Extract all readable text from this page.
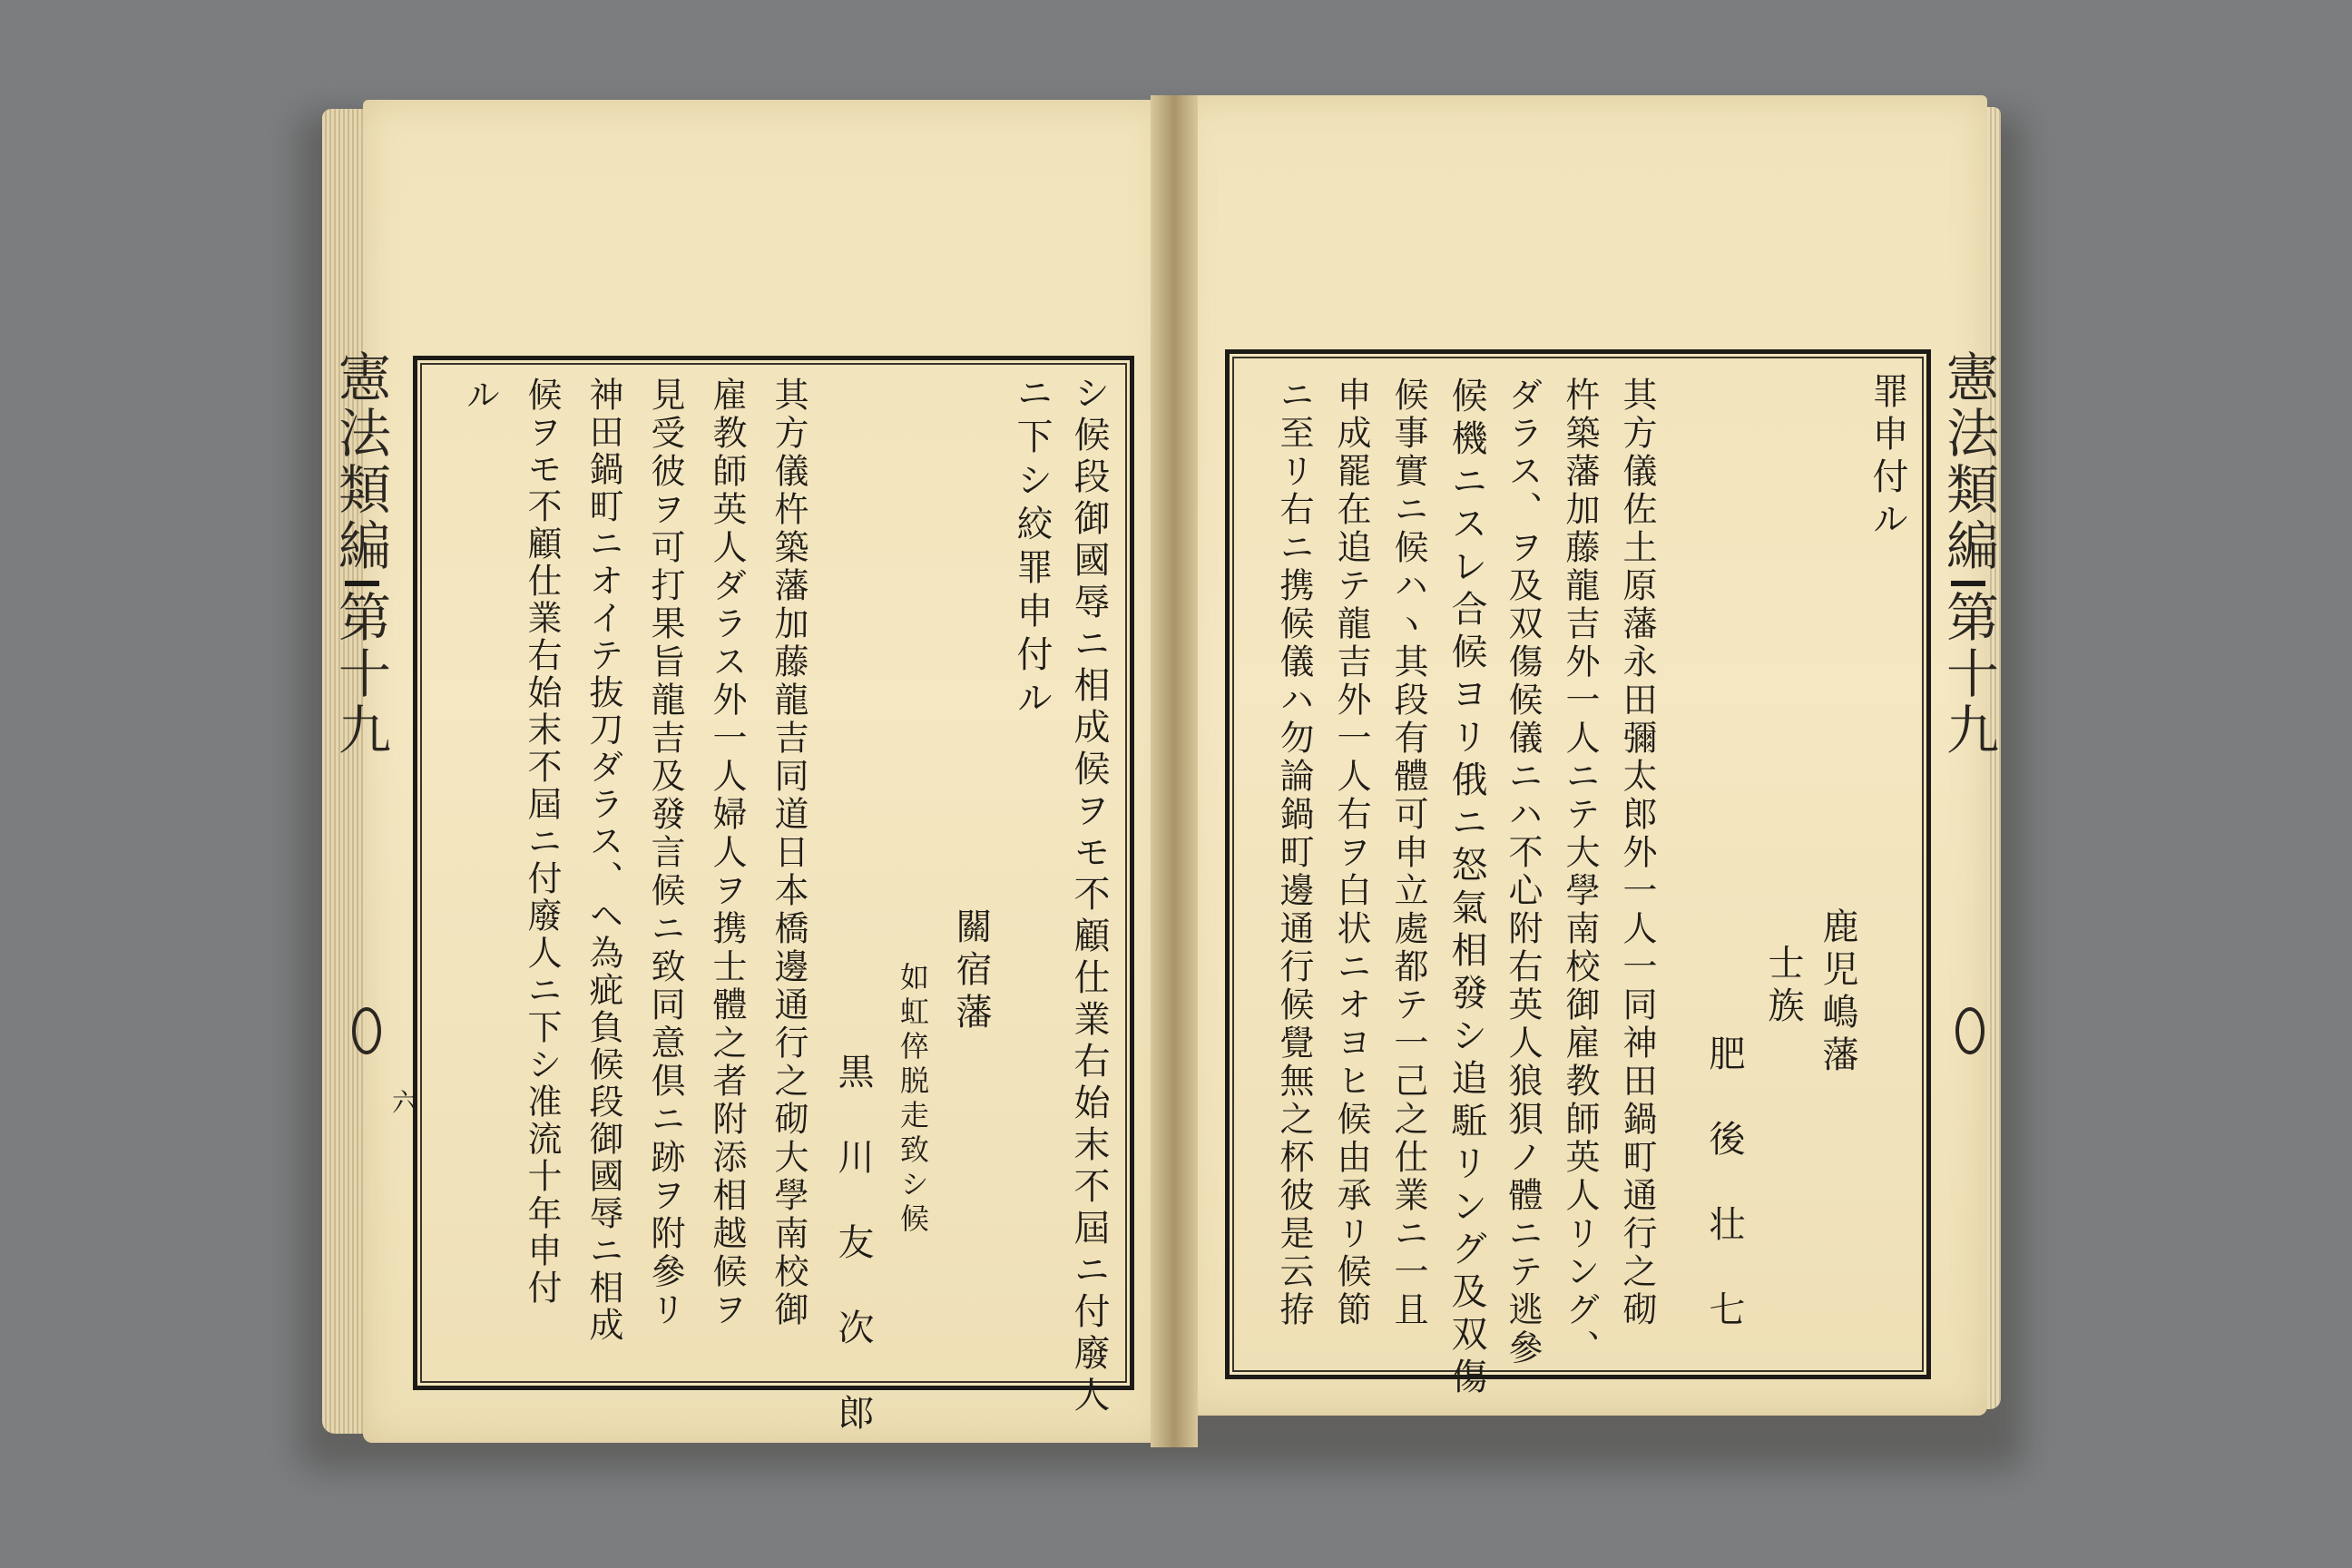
憲法類編
第十九
六
憲法類編
第十九
罪申付ル
鹿児嶋藩
士族
肥　後　壮　七
其方儀佐土原藩永田彌太郎外一人一同神田鍋町通行之砌
杵築藩加藤龍吉外一人ニテ大學南校御雇教師英人リング、
ダラス、ヲ及双傷候儀ニハ不心附右英人狼狽ノ體ニテ逃參
候機ニスレ合候ヨリ俄ニ怒氣相發シ追駈リング及双傷
候事實ニ候ハヽ其段有體可申立處都テ一己之仕業ニ一且
申成罷在追テ龍吉外一人右ヲ白状ニオヨヒ候由承リ候節
ニ至リ右ニ携候儀ハ勿論鍋町邊通行候覺無之杯彼是云拵
シ候段御國辱ニ相成候ヲモ不顧仕業右始末不屆ニ付廢人
ニ下シ絞罪申付ル
關宿藩
如虹倅脱走致シ候
黒　川　友　次　郎
其方儀杵築藩加藤龍吉同道日本橋邊通行之砌大學南校御
雇教師英人ダラス外一人婦人ヲ携士體之者附添相越候ヲ
見受彼ヲ可打果旨龍吉及發言候ニ致同意倶ニ跡ヲ附參リ
神田鍋町ニオイテ抜刀ダラス、ヘ為疵負候段御國辱ニ相成
候ヲモ不顧仕業右始末不屆ニ付廢人ニ下シ准流十年申付
ル
